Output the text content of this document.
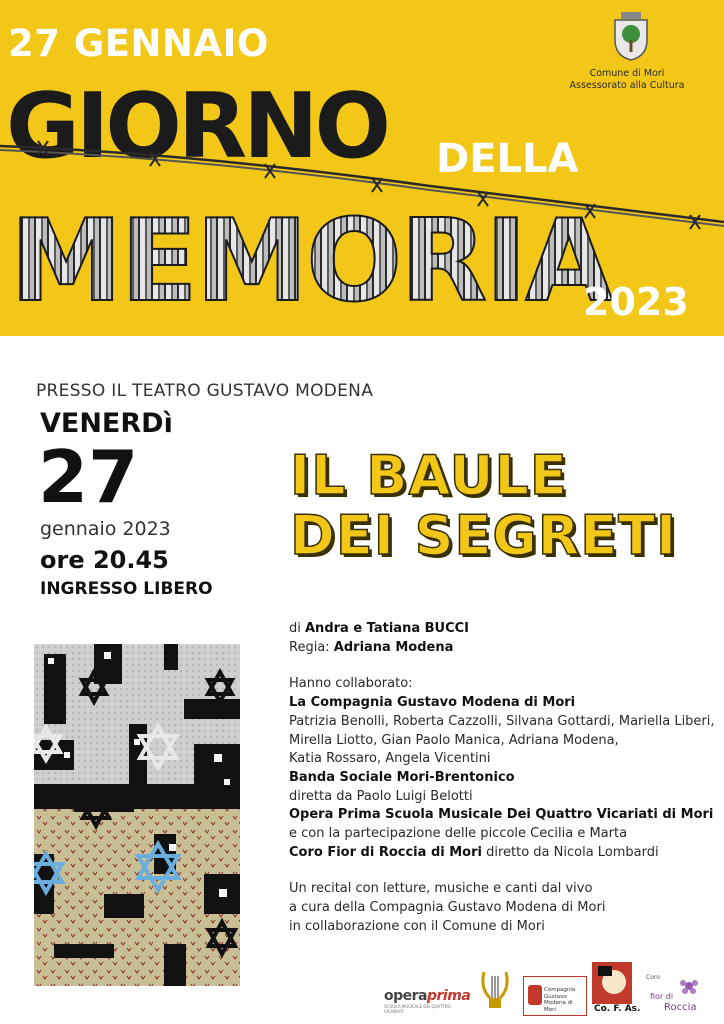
27 GENNAIO
GIORNO DELLA
MEMORIA
2023
Comune di Mori
Assessorato alla Cultura
PRESSO IL TEATRO GUSTAVO MODENA
VENERDì
27
gennaio 2023
ore 20.45
INGRESSO LIBERO
IL BAULE
DEI SEGRETI
di Andra e Tatiana BUCCI
Regia: Adriana Modena
Hanno collaborato:
La Compagnia Gustavo Modena di Mori
Patrizia Benolli, Roberta Cazzolli, Silvana Gottardi, Mariella Liberi,
Mirella Liotto, Gian Paolo Manica, Adriana Modena,
Katia Rossaro, Angela Vicentini
Banda Sociale Mori-Brentonico
diretta da Paolo Luigi Belotti
Opera Prima Scuola Musicale Dei Quattro Vicariati di Mori
e con la partecipazione delle piccole Cecilia e Marta
Coro Fior di Roccia di Mori diretto da Nicola Lombardi
Un recital con letture, musiche e canti dal vivo
a cura della Compagnia Gustavo Modena di Mori
in collaborazione con il Comune di Mori
operaprima
SCUOLA MUSICALE DEI QUATTRO VICARIATI
Compagnia Gustavo Modena di Mori	Co. F. As.
Coro
fior di
Roccia
